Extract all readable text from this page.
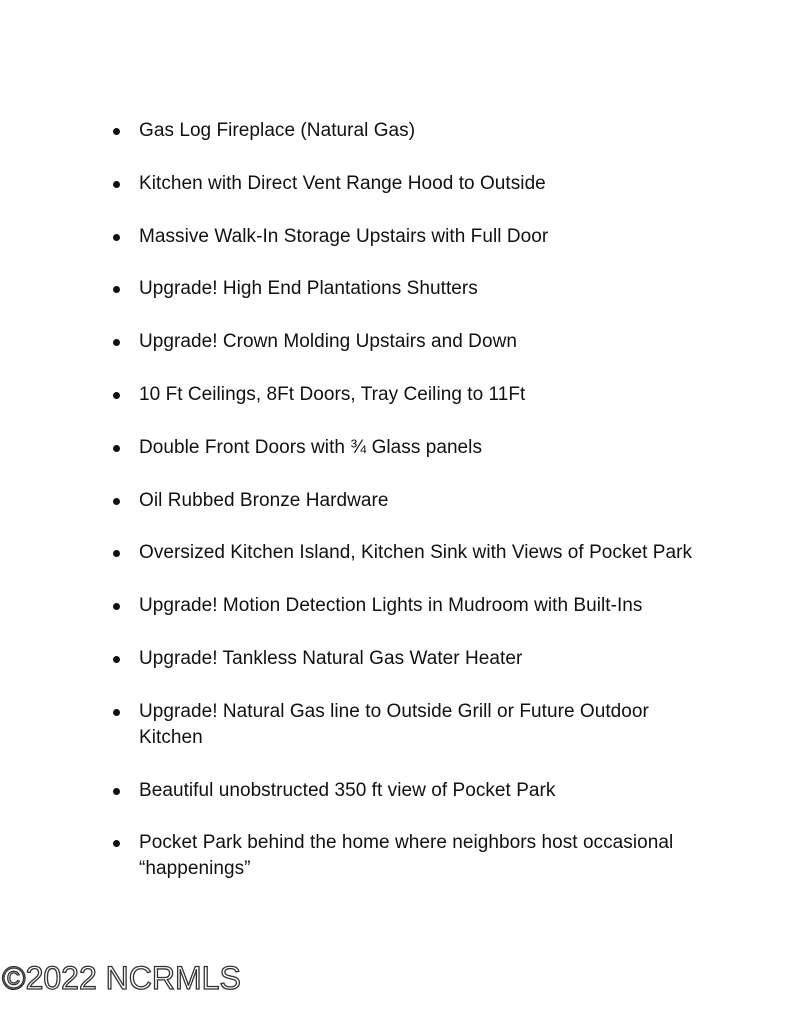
Gas Log Fireplace (Natural Gas)
Kitchen with Direct Vent Range Hood to Outside
Massive Walk-In Storage Upstairs with Full Door
Upgrade! High End Plantations Shutters
Upgrade! Crown Molding Upstairs and Down
10 Ft Ceilings, 8Ft Doors, Tray Ceiling to 11Ft
Double Front Doors with ¾ Glass panels
Oil Rubbed Bronze Hardware
Oversized Kitchen Island, Kitchen Sink with Views of Pocket Park
Upgrade! Motion Detection Lights in Mudroom with Built-Ins
Upgrade! Tankless Natural Gas Water Heater
Upgrade! Natural Gas line to Outside Grill or Future Outdoor Kitchen
Beautiful unobstructed 350 ft view of Pocket Park
Pocket Park behind the home where neighbors host occasional “happenings”
©2022 NCRMLS
